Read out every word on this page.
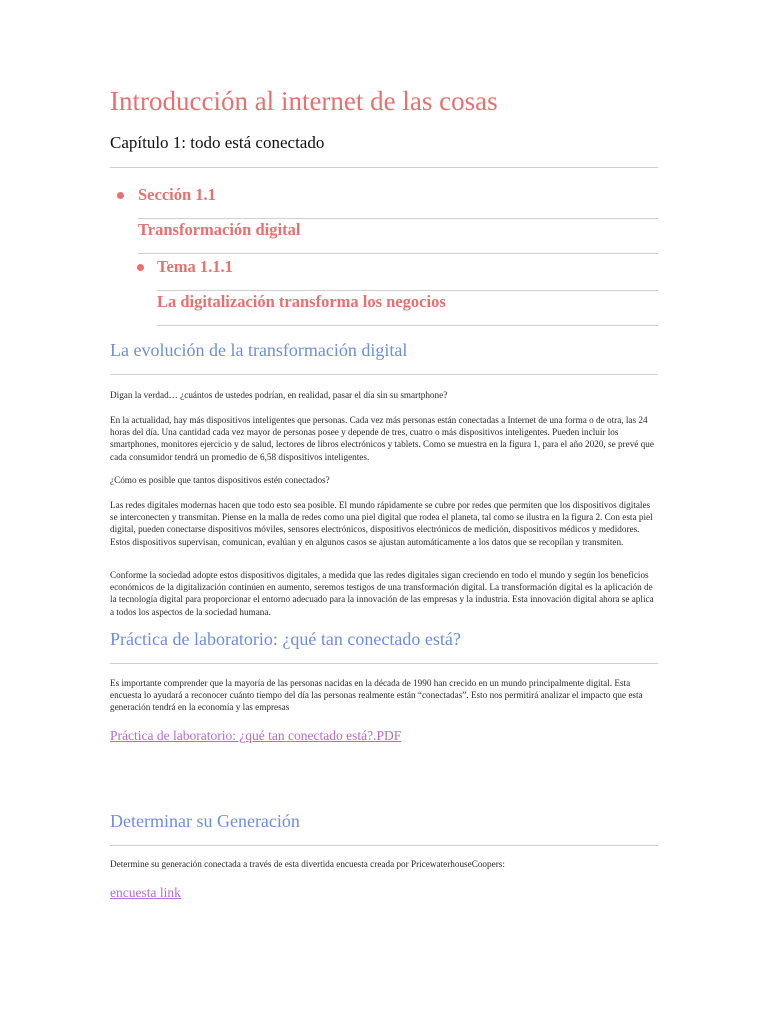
Introducción al internet de las cosas
Capítulo 1: todo está conectado

Sección 1.1

Transformación digital

Tema 1.1.1

La digitalización transforma los negocios

La evolución de la transformación digital

Digan la verdad… ¿cuántos de ustedes podrían, en realidad, pasar el día sin su smartphone?

En la actualidad, hay más dispositivos inteligentes que personas. Cada vez más personas están conectadas a Internet de una forma o de otra, las 24 horas del día. Una cantidad cada vez mayor de personas posee y depende de tres, cuatro o más dispositivos inteligentes. Pueden incluir los smartphones, monitores ejercicio y de salud, lectores de libros electrónicos y tablets. Como se muestra en la figura 1, para el año 2020, se prevé que cada consumidor tendrá un promedio de 6,58 dispositivos inteligentes.

¿Cómo es posible que tantos dispositivos estén conectados?

Las redes digitales modernas hacen que todo esto sea posible. El mundo rápidamente se cubre por redes que permiten que los dispositivos digitales se interconecten y transmitan. Piense en la malla de redes como una piel digital que rodea el planeta, tal como se ilustra en la figura 2. Con esta piel digital, pueden conectarse dispositivos móviles, sensores electrónicos, dispositivos electrónicos de medición, dispositivos médicos y medidores. Estos dispositivos supervisan, comunican, evalúan y en algunos casos se ajustan automáticamente a los datos que se recopilan y transmiten.

Conforme la sociedad adopte estos dispositivos digitales, a medida que las redes digitales sigan creciendo en todo el mundo y según los beneficios económicos de la digitalización continúen en aumento, seremos testigos de una transformación digital. La transformación digital es la aplicación de la tecnología digital para proporcionar el entorno adecuado para la innovación de las empresas y la industria. Esta innovación digital ahora se aplica a todos los aspectos de la sociedad humana.

Práctica de laboratorio: ¿qué tan conectado está?

Es importante comprender que la mayoría de las personas nacidas en la década de 1990 han crecido en un mundo principalmente digital. Esta encuesta lo ayudará a reconocer cuánto tiempo del día las personas realmente están “conectadas”. Esto nos permitirá analizar el impacto que esta generación tendrá en la economía y las empresas

Práctica de laboratorio: ¿qué tan conectado está?.PDF
Determinar su Generación

Determine su generación conectada a través de esta divertida encuesta creada por PricewaterhouseCoopers:

encuesta link
